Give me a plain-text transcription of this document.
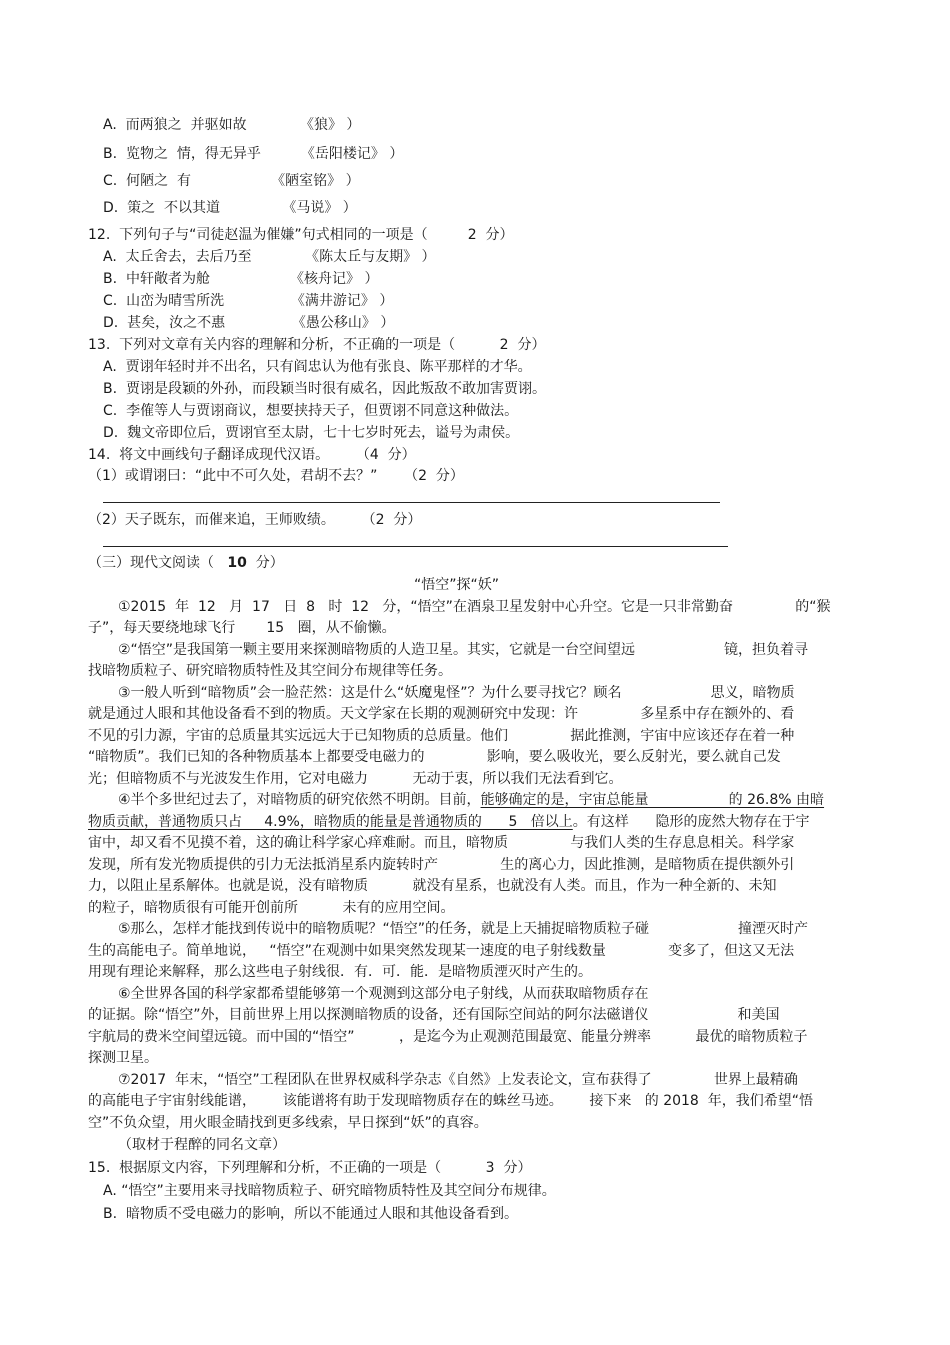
A.  而两狼之  并驱如故            《狼》 ）
B.  览物之  情，得无异乎         《岳阳楼记》 ）
C.  何陋之  有                  《陋室铭》 ）
D.  策之  不以其道              《马说》 ）
12.  下列句子与“司徒赵温为催嫌”句式相同的一项是（         2  分）
A.  太丘舍去，去后乃至            《陈太丘与友期》 ）
B.  中轩敞者为舱                  《核舟记》 ）
C.  山峦为晴雪所洗               《满井游记》 ）
D.  甚矣，汝之不惠               《愚公移山》 ）
13.  下列对文章有关内容的理解和分析，不正确的一项是（          2  分）
A.  贾诩年轻时并不出名，只有阎忠认为他有张良、陈平那样的才华。
B.  贾诩是段颖的外孙，而段颖当时很有威名，因此叛敌不敢加害贾诩。
C.  李傕等人与贾诩商议，想要挟持天子，但贾诩不同意这种做法。
D.  魏文帝即位后，贾诩官至太尉，七十七岁时死去，谥号为肃侯。
14.  将文中画线句子翻译成现代汉语。      （4  分）
（1）或谓诩曰：“此中不可久处，君胡不去？”      （2  分）
（2）天子既东，而催来追，王师败绩。      （2  分）
（三）现代文阅读（   10  分）
“悟空”探“妖”
①2015  年  12   月  17   日  8   时  12   分，“悟空”在酒泉卫星发射中心升空。它是一只非常勤奋              的“猴
子”，每天要绕地球飞行       15   圈，从不偷懒。
②“悟空”是我国第一颗主要用来探测暗物质的人造卫星。其实，它就是一台空间望远                    镜，担负着寻
找暗物质粒子、研究暗物质特性及其空间分布规律等任务。
③一般人听到“暗物质”会一脸茫然：这是什么“妖魔鬼怪”？为什么要寻找它？顾名                    思义，暗物质
就是通过人眼和其他设备看不到的物质。天文学家在长期的观测研究中发现：许              多星系中存在额外的、看
不见的引力源，宇宙的总质量其实远远大于已知物质的总质量。他们              据此推测，宇宙中应该还存在着一种
“暗物质”。我们已知的各种物质基本上都要受电磁力的              影响，要么吸收光，要么反射光，要么就自己发
光；但暗物质不与光波发生作用，它对电磁力          无动于衷，所以我们无法看到它。
④半个多世纪过去了，对暗物质的研究依然不明朗。目前，能够确定的是，宇宙总能量                  的 26.8% 由暗
物质贡献，普通物质只占     4.9%，暗物质的能量是普通物质的      5   倍以上。有这样      隐形的庞然大物存在于宇
宙中，却又看不见摸不着，这的确让科学家心痒难耐。而且，暗物质              与我们人类的生存息息相关。科学家
发现，所有发光物质提供的引力无法抵消星系内旋转时产              生的离心力，因此推测，是暗物质在提供额外引
力，以阻止星系解体。也就是说，没有暗物质          就没有星系，也就没有人类。而且，作为一种全新的、未知
的粒子，暗物质很有可能开创前所          未有的应用空间。
⑤那么，怎样才能找到传说中的暗物质呢？“悟空”的任务，就是上天捕捉暗物质粒子碰                    撞湮灭时产
生的高能电子。简单地说，   “悟空”在观测中如果突然发现某一速度的电子射线数量              变多了，但这又无法
用现有理论来解释，那么这些电子射线很．有．可．能．是暗物质湮灭时产生的。
⑥全世界各国的科学家都希望能够第一个观测到这部分电子射线，从而获取暗物质存在
的证据。除“悟空”外，目前世界上用以探测暗物质的设备，还有国际空间站的阿尔法磁谱仪                    和美国
宇航局的费米空间望远镜。而中国的“悟空”          ，是迄今为止观测范围最宽、能量分辨率          最优的暗物质粒子
探测卫星。
⑦2017  年末，“悟空”工程团队在世界权威科学杂志《自然》上发表论文，宣布获得了              世界上最精确
的高能电子宇宙射线能谱，      该能谱将有助于发现暗物质存在的蛛丝马迹。      接下来   的 2018  年，我们希望“悟
空”不负众望，用火眼金睛找到更多线索，早日探到“妖”的真容。
（取材于程醉的同名文章）
15.  根据原文内容，下列理解和分析，不正确的一项是（          3  分）
A. “悟空”主要用来寻找暗物质粒子、研究暗物质特性及其空间分布规律。
B.  暗物质不受电磁力的影响，所以不能通过人眼和其他设备看到。
